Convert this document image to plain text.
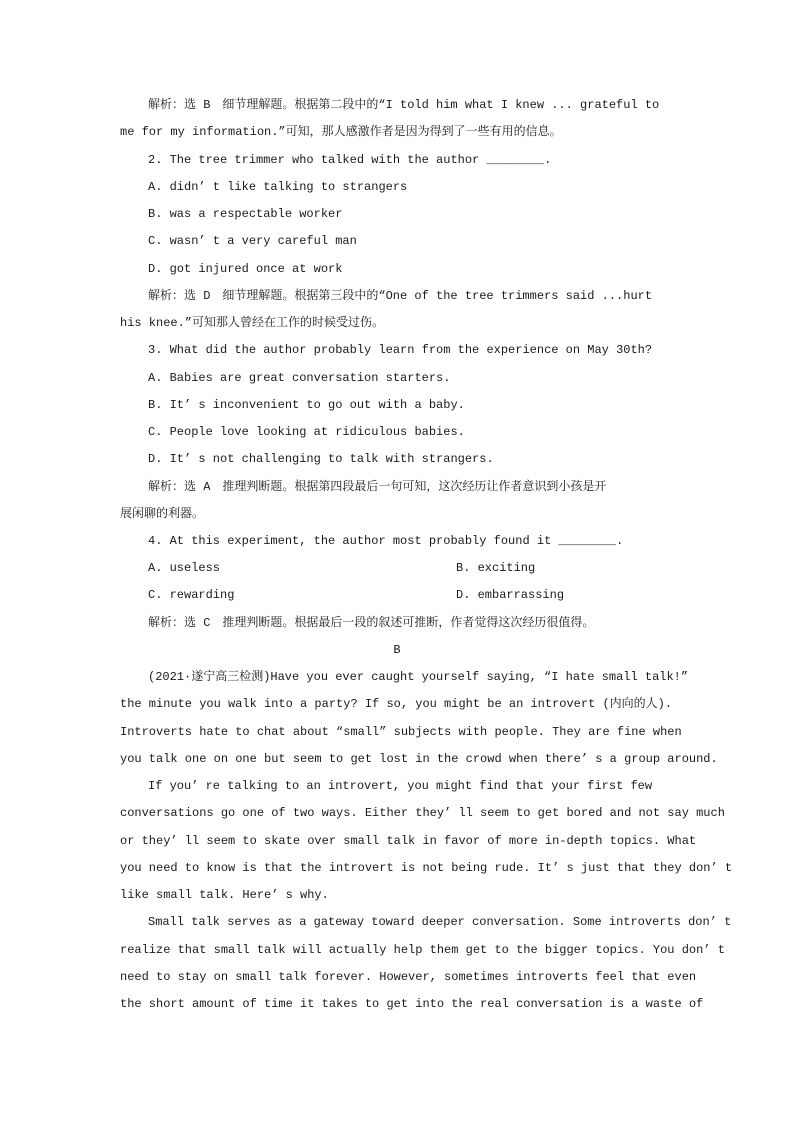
解析：选 B　细节理解题。根据第二段中的“I told him what I knew ... grateful to
me for my information.”可知，那人感激作者是因为得到了一些有用的信息。
2. The tree trimmer who talked with the author ________.
A. didn’ t like talking to strangers
B. was a respectable worker
C. wasn’ t a very careful man
D. got injured once at work
解析：选 D　细节理解题。根据第三段中的“One of the tree trimmers said ...hurt
his knee.”可知那人曾经在工作的时候受过伤。
3. What did the author probably learn from the experience on May 30th?
A. Babies are great conversation starters.
B. It’ s inconvenient to go out with a baby.
C. People love looking at ridiculous babies.
D. It’ s not challenging to talk with strangers.
解析：选 A　推理判断题。根据第四段最后一句可知，这次经历让作者意识到小孩是开
展闲聊的利器。
4. At this experiment, the author most probably found it ________.
A. useless	B. exciting
C. rewarding	D. embarrassing
解析：选 C　推理判断题。根据最后一段的叙述可推断，作者觉得这次经历很值得。
B
(2021·遂宁高三检测)Have you ever caught yourself saying, “I hate small talk!”
the minute you walk into a party? If so, you might be an introvert (内向的人).
Introverts hate to chat about “small” subjects with people. They are fine when
you talk one on one but seem to get lost in the crowd when there’ s a group around.
If you’ re talking to an introvert, you might find that your first few
conversations go one of two ways. Either they’ ll seem to get bored and not say much
or they’ ll seem to skate over small talk in favor of more in-depth topics. What
you need to know is that the introvert is not being rude. It’ s just that they don’ t
like small talk. Here’ s why.
Small talk serves as a gateway toward deeper conversation. Some introverts don’ t
realize that small talk will actually help them get to the bigger topics. You don’ t
need to stay on small talk forever. However, sometimes introverts feel that even
the short amount of time it takes to get into the real conversation is a waste of
